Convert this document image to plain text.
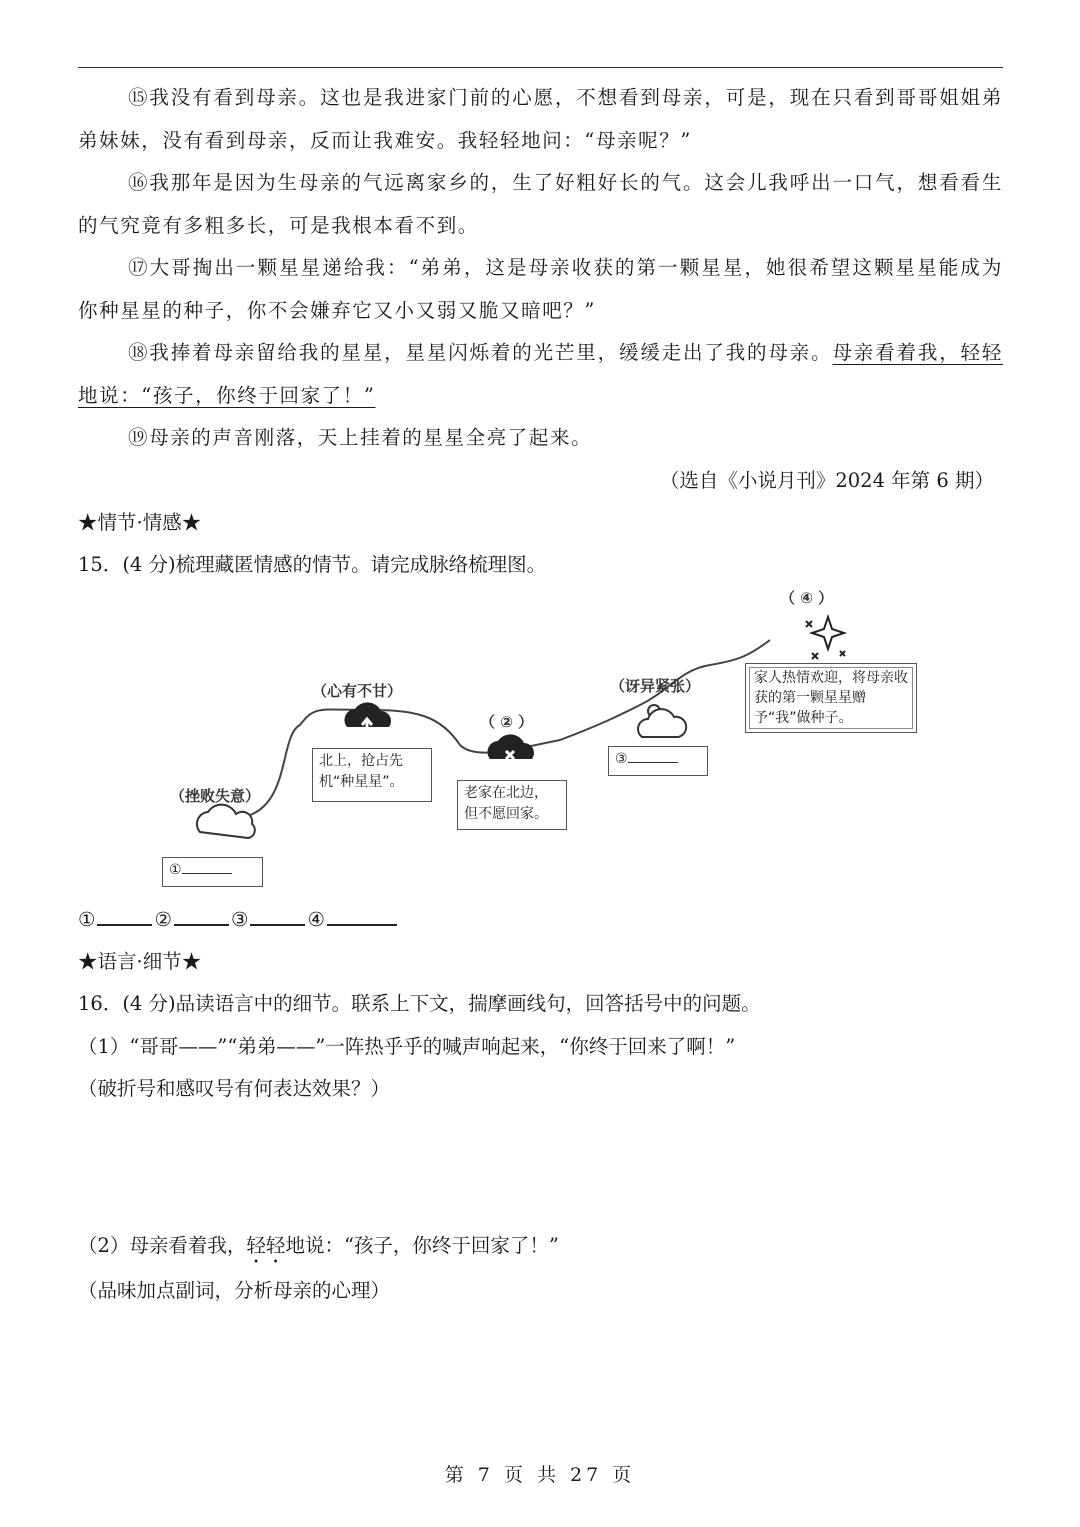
⑮我没有看到母亲。这也是我进家门前的心愿，不想看到母亲，可是，现在只看到哥哥姐姐弟弟妹妹，没有看到母亲，反而让我难安。我轻轻地问：“母亲呢？”
⑯我那年是因为生母亲的气远离家乡的，生了好粗好长的气。这会儿我呼出一口气，想看看生的气究竟有多粗多长，可是我根本看不到。
⑰大哥掏出一颗星星递给我：“弟弟，这是母亲收获的第一颗星星，她很希望这颗星星能成为你种星星的种子，你不会嫌弃它又小又弱又脆又暗吧？”
⑱我捧着母亲留给我的星星，星星闪烁着的光芒里，缓缓走出了我的母亲。母亲看着我，轻轻地说：“孩子，你终于回家了！”
⑲母亲的声音刚落，天上挂着的星星全亮了起来。
（选自《小说月刊》2024 年第 6 期）
★情节·情感★
15．(4 分)梳理藏匿情感的情节。请完成脉络梳理图。
（挫败失意）
①
（心有不甘）
北上，抢占先机“种星星”。
（ ② ）
老家在北边，但不愿回家。
（讶异紧张）
③
（ ④ ）
家人热情欢迎，将母亲收获的第一颗星星赠予“我”做种子。
①	②	③	④
★语言·细节★
16．(4 分)品读语言中的细节。联系上下文，揣摩画线句，回答括号中的问题。
（1）“哥哥——”“弟弟——”一阵热乎乎的喊声响起来，“你终于回来了啊！”
（破折号和感叹号有何表达效果？）
（2）母亲看着我，轻轻地说：“孩子，你终于回家了！”
（品味加点副词，分析母亲的心理）
第 7 页 共 27 页
